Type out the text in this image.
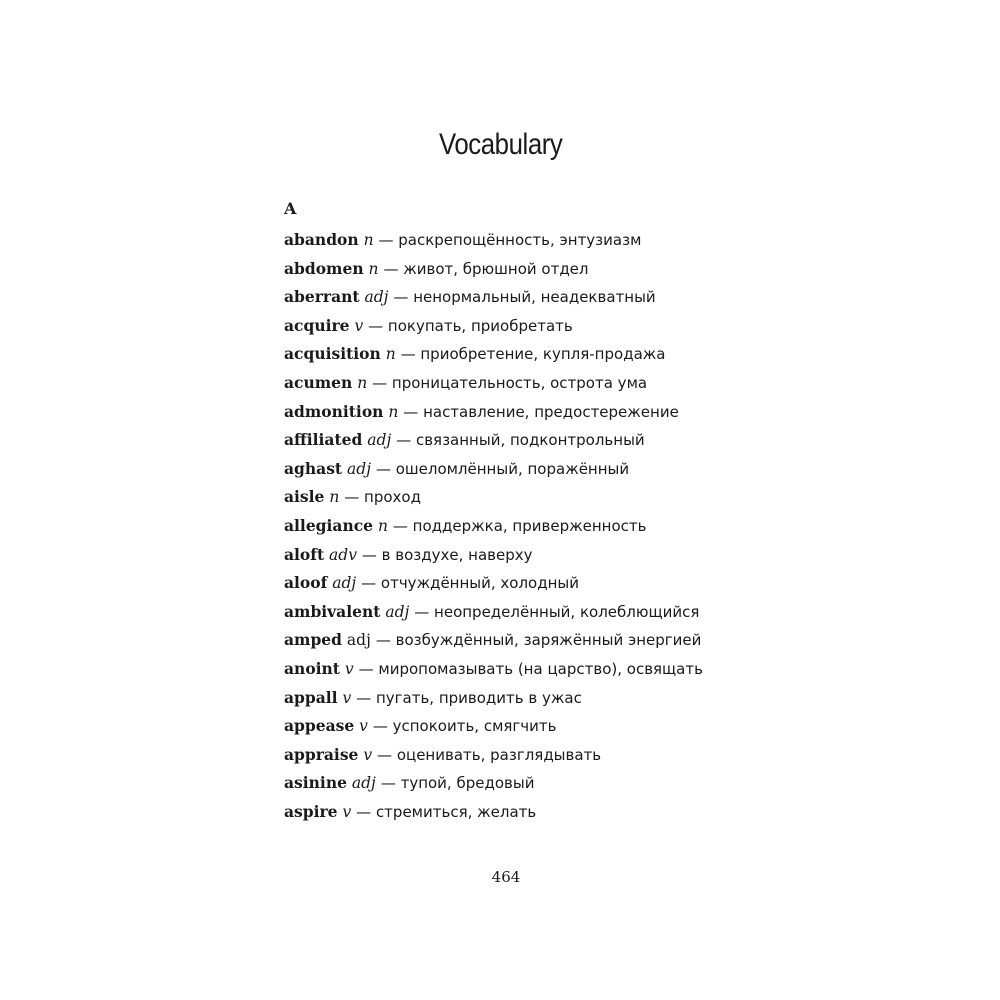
Vocabulary
A
abandon n — раскрепощённость, энтузиазм
abdomen n — живот, брюшной отдел
aberrant adj — ненормальный, неадекватный
acquire v — покупать, приобретать
acquisition n — приобретение, купля-продажа
acumen n — проницательность, острота ума
admonition n — наставление, предостережение
affiliated adj — связанный, подконтрольный
aghast adj — ошеломлённый, поражённый
aisle n — проход
allegiance n — поддержка, приверженность
aloft adv — в воздухе, наверху
aloof adj — отчуждённый, холодный
ambivalent adj — неопределённый, колеблющийся
amped adj — возбуждённый, заряжённый энергией
anoint v — миропомазывать (на царство), освящать
appall v — пугать, приводить в ужас
appease v — успокоить, смягчить
appraise v — оценивать, разглядывать
asinine adj — тупой, бредовый
aspire v — стремиться, желать
464
